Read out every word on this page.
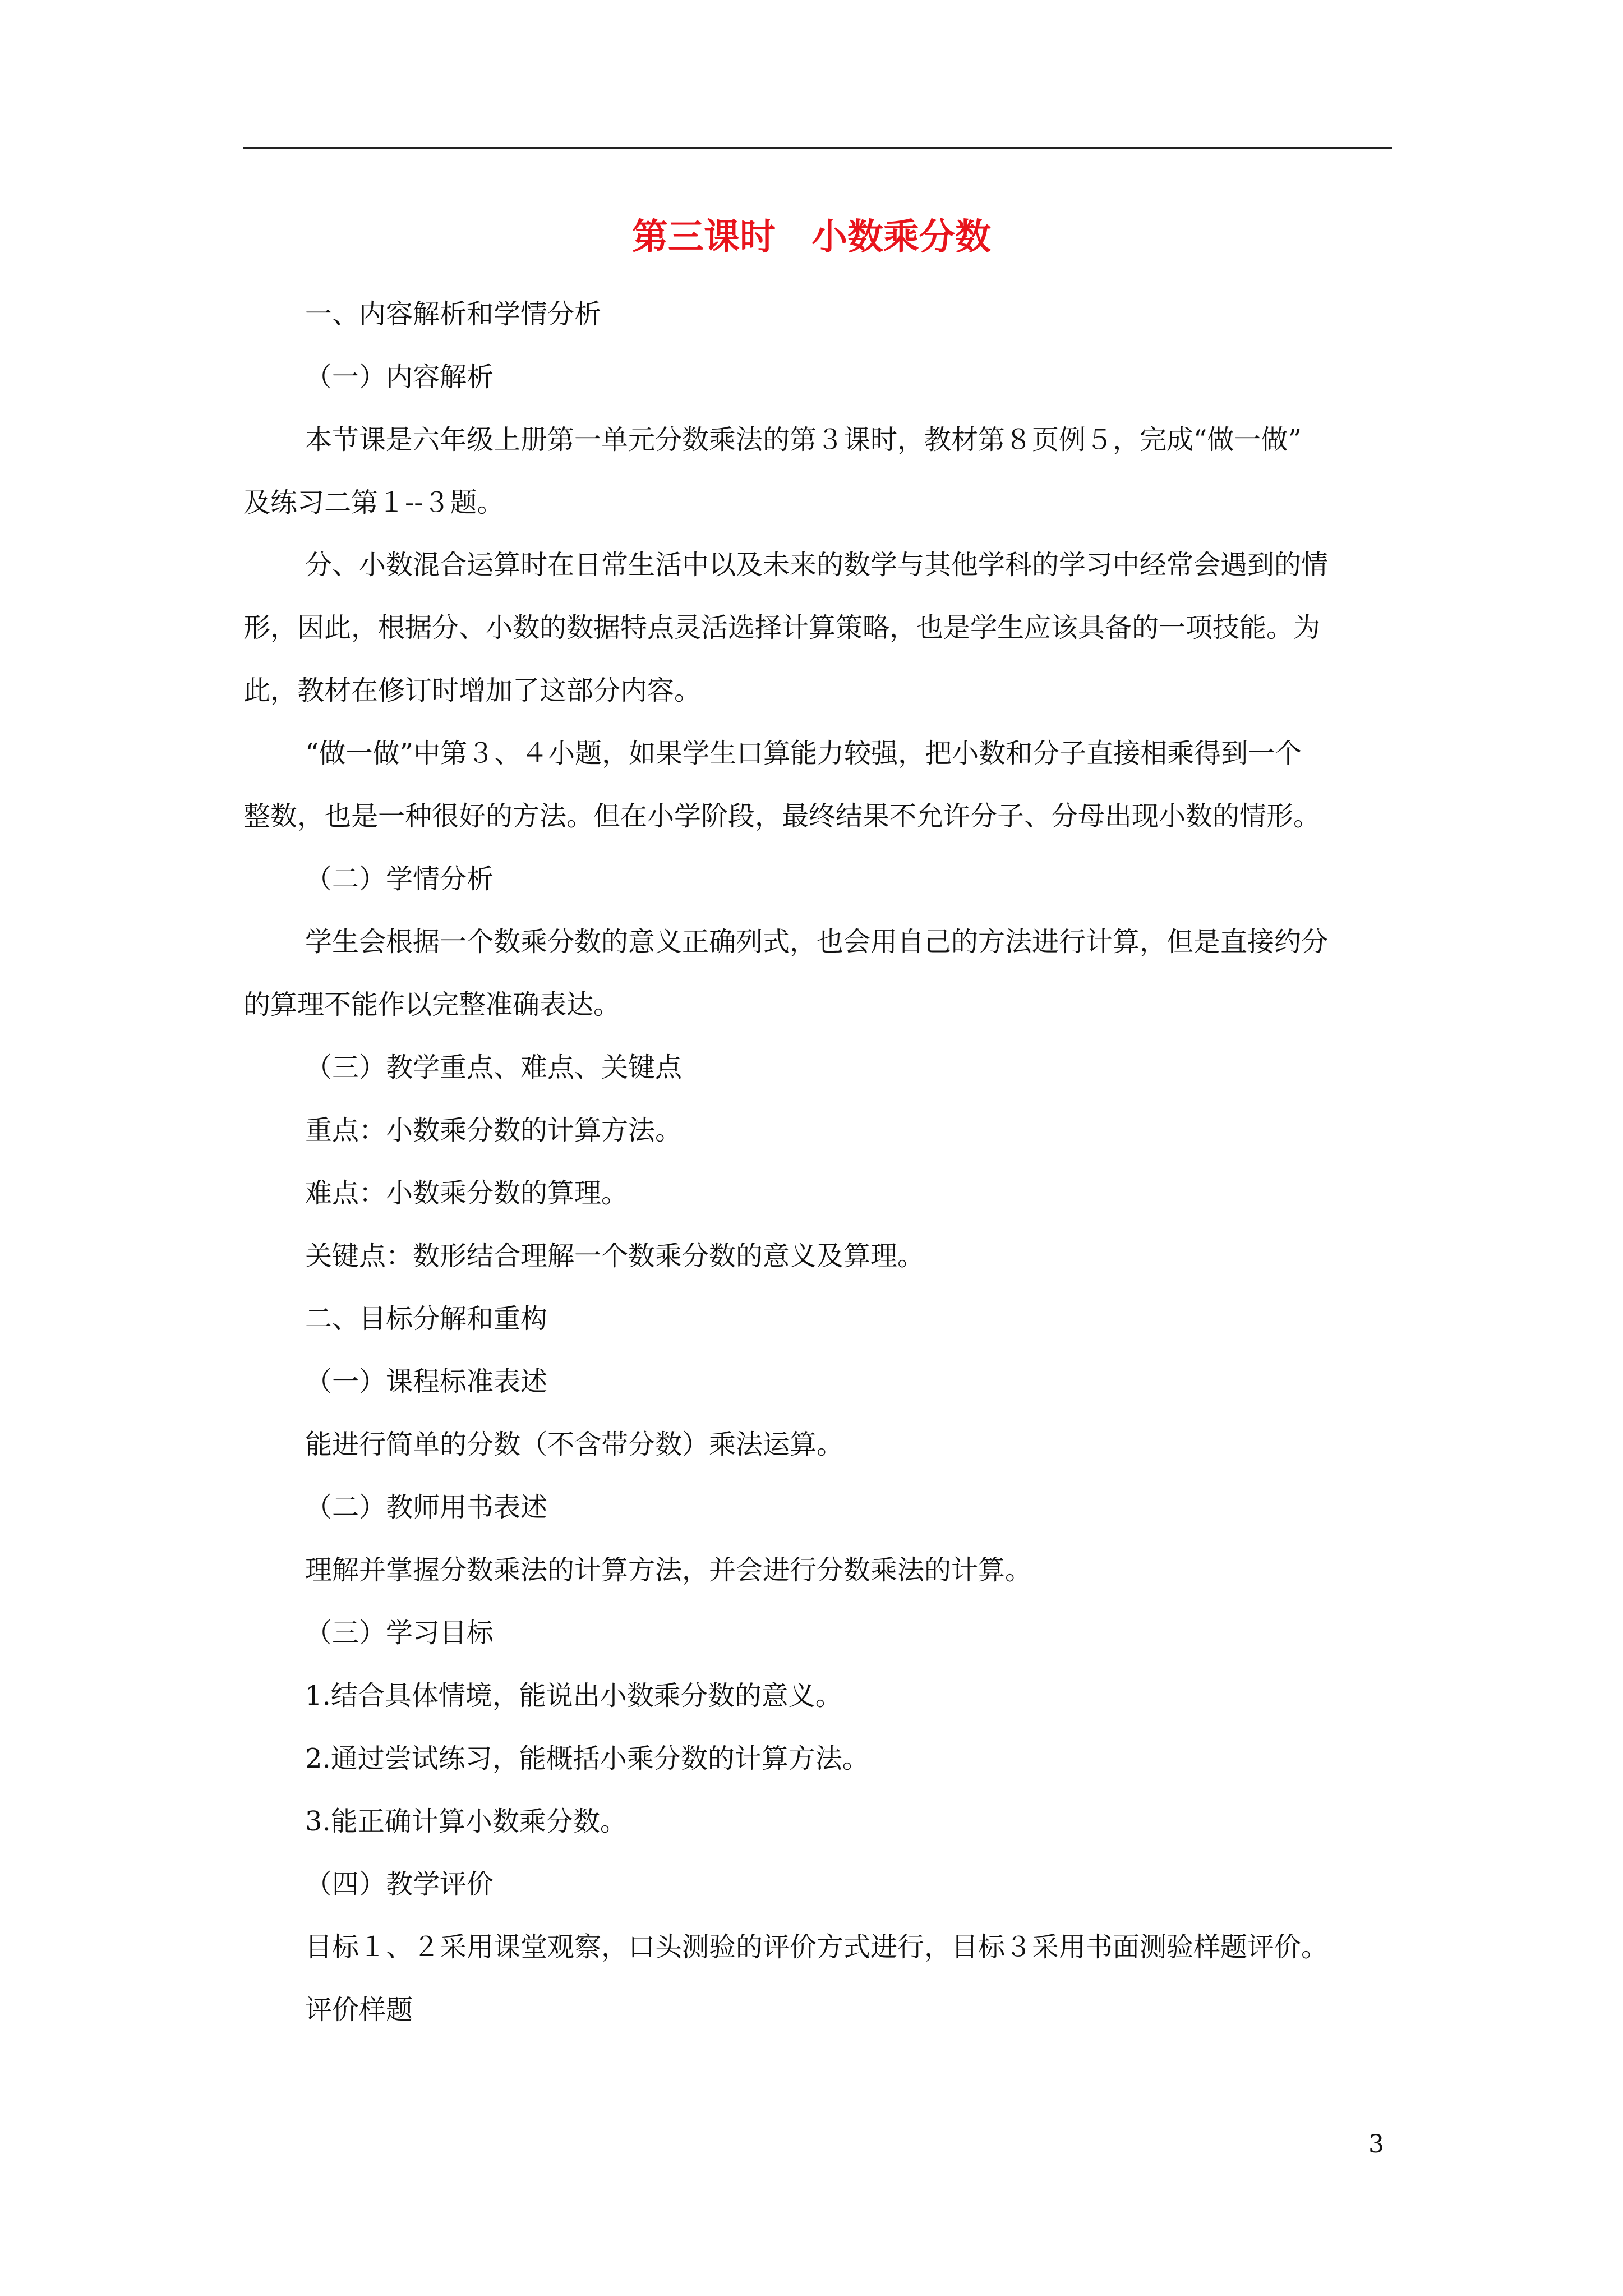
第三课时　小数乘分数
一、内容解析和学情分析
（一）内容解析
本节课是六年级上册第一单元分数乘法的第３课时，教材第８页例５，完成“做一做”
及练习二第１--３题。
分、小数混合运算时在日常生活中以及未来的数学与其他学科的学习中经常会遇到的情
形，因此，根据分、小数的数据特点灵活选择计算策略，也是学生应该具备的一项技能。为
此，教材在修订时增加了这部分内容。
“做一做”中第３、４小题，如果学生口算能力较强，把小数和分子直接相乘得到一个
整数，也是一种很好的方法。但在小学阶段，最终结果不允许分子、分母出现小数的情形。
（二）学情分析
学生会根据一个数乘分数的意义正确列式，也会用自己的方法进行计算，但是直接约分
的算理不能作以完整准确表达。
（三）教学重点、难点、关键点
重点：小数乘分数的计算方法。
难点：小数乘分数的算理。
关键点：数形结合理解一个数乘分数的意义及算理。
二、目标分解和重构
（一）课程标准表述
能进行简单的分数（不含带分数）乘法运算。
（二）教师用书表述
理解并掌握分数乘法的计算方法，并会进行分数乘法的计算。
（三）学习目标
1.结合具体情境，能说出小数乘分数的意义。
2.通过尝试练习，能概括小乘分数的计算方法。
3.能正确计算小数乘分数。
（四）教学评价
目标１、２采用课堂观察，口头测验的评价方式进行，目标３采用书面测验样题评价。
评价样题
3
